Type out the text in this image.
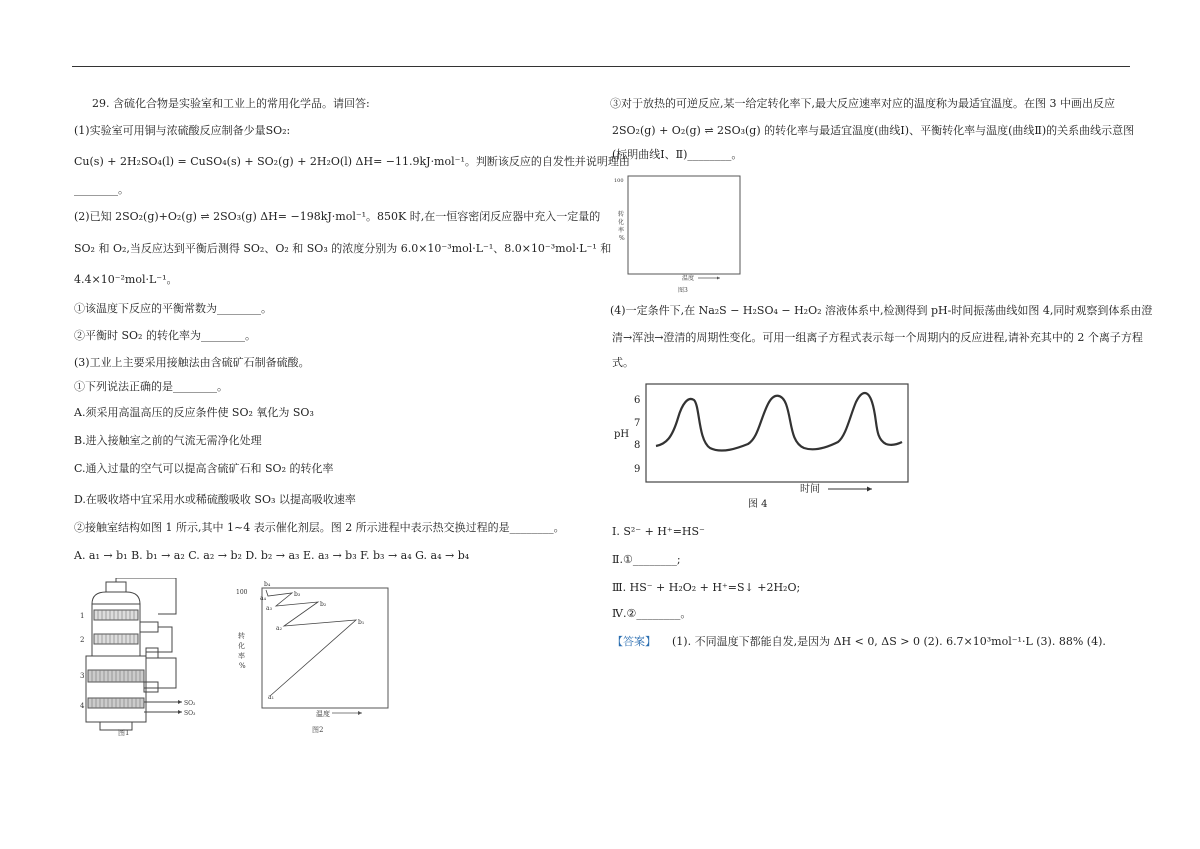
29. 含硫化合物是实验室和工业上的常用化学品。请回答:
(1)实验室可用铜与浓硫酸反应制备少量SO₂:
Cu(s) + 2H₂SO₄(l) = CuSO₄(s) + SO₂(g) + 2H₂O(l) ΔH= −11.9kJ·mol⁻¹。判断该反应的自发性并说明理由
________。
(2)已知 2SO₂(g)+O₂(g) ⇌ 2SO₃(g) ΔH= −198kJ·mol⁻¹。850K 时,在一恒容密闭反应器中充入一定量的
SO₂ 和 O₂,当反应达到平衡后测得 SO₂、O₂ 和 SO₃ 的浓度分别为 6.0×10⁻³mol·L⁻¹、8.0×10⁻³mol·L⁻¹ 和
4.4×10⁻²mol·L⁻¹。
①该温度下反应的平衡常数为________。
②平衡时 SO₂ 的转化率为________。
(3)工业上主要采用接触法由含硫矿石制备硫酸。
①下列说法正确的是________。
A.须采用高温高压的反应条件使 SO₂ 氧化为 SO₃
B.进入接触室之前的气流无需净化处理
C.通入过量的空气可以提高含硫矿石和 SO₂ 的转化率
D.在吸收塔中宜采用水或稀硫酸吸收 SO₃ 以提高吸收速率
②接触室结构如图 1 所示,其中 1~4 表示催化剂层。图 2 所示进程中表示热交换过程的是________。
A. a₁ → b₁ B. b₁ → a₂ C. a₂ → b₂ D. b₂ → a₃ E. a₃ → b₃ F. b₃ → a₄ G. a₄ → b₄
1
2
3
4	SO₂
SO₃
图1
100
转
化
率
%
温度
a₁
b₁
a₂
b₂
a₃
b₃
a₄
b₄
图2
③对于放热的可逆反应,某一给定转化率下,最大反应速率对应的温度称为最适宜温度。在图 3 中画出反应
2SO₂(g) + O₂(g) ⇌ 2SO₃(g) 的转化率与最适宜温度(曲线Ⅰ)、平衡转化率与温度(曲线Ⅱ)的关系曲线示意图
(标明曲线Ⅰ、Ⅱ)________。
100
转
化
率
%
温度
图3
(4)一定条件下,在 Na₂S − H₂SO₄ − H₂O₂ 溶液体系中,检测得到 pH-时间振荡曲线如图 4,同时观察到体系由澄
清→浑浊→澄清的周期性变化。可用一组离子方程式表示每一个周期内的反应进程,请补充其中的 2 个离子方程
式。
pH
6
7
8
9
时间
图 4
Ⅰ. S²⁻ + H⁺=HS⁻
Ⅱ.①________;
Ⅲ. HS⁻ + H₂O₂ + H⁺=S↓ +2H₂O;
Ⅳ.②________。
【答案】 (1). 不同温度下都能自发,是因为 ΔH < 0, ΔS > 0 (2). 6.7×10³mol⁻¹·L (3). 88% (4).
